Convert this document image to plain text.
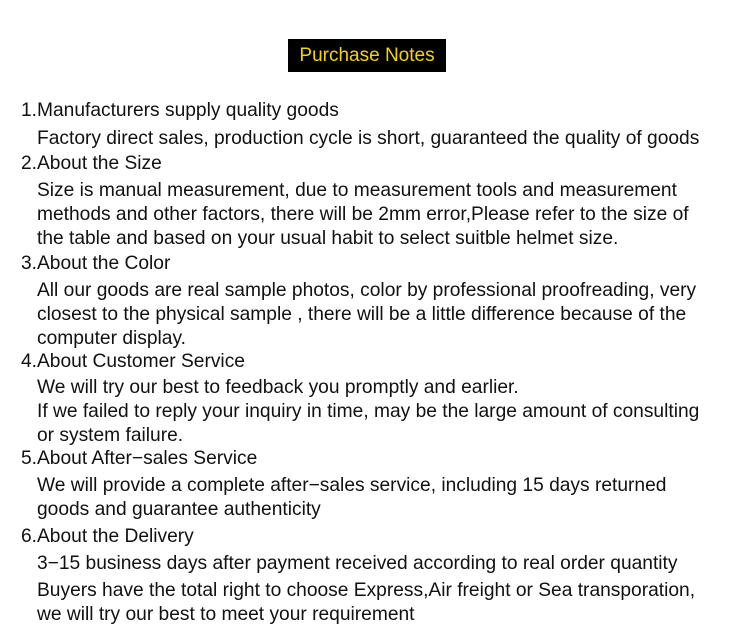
Purchase Notes
1.Manufacturers supply quality goods
Factory direct sales, production cycle is short, guaranteed the quality of goods
2.About the Size
Size is manual measurement, due to measurement tools and measurement
methods and other factors, there will be 2mm error,Please refer to the size of
the table and based on your usual habit to select suitble helmet size.
3.About the Color
All our goods are real sample photos, color by professional proofreading, very
closest to the physical sample , there will be a little difference because of the
computer display.
4.About Customer Service
We will try our best to feedback you promptly and earlier.
If we failed to reply your inquiry in time, may be the large amount of consulting
or system failure.
5.About After−sales Service
We will provide a complete after−sales service, including 15 days returned
goods and guarantee authenticity
6.About the Delivery
3−15 business days after payment received according to real order quantity
Buyers have the total right to choose Express,Air freight or Sea transporation,
we will try our best to meet your requirement
